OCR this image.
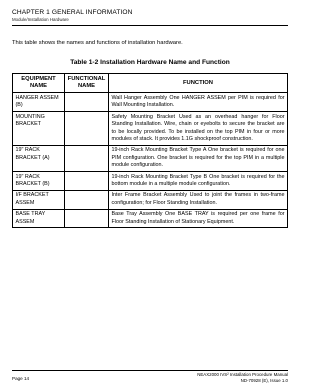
CHAPTER 1 GENERAL INFORMATION
Module/Installation Hardware
This table shows the names and functions of installation hardware.
Table 1-2 Installation Hardware Name and Function
EQUIPMENT NAME	FUNCTIONAL NAME	FUNCTION
HANGER ASSEM (B)		Wall Hanger Assembly One HANGER ASSEM per PIM is required for Wall Mounting Installation.
MOUNTING BRACKET		Safety Mounting Bracket Used as an overhead hanger for Floor Standing Installation. Wire, chain or eyebolts to secure the bracket are to be locally provided. To be installed on the top PIM in four or more modules of stack. It provides 1.1G shockproof construction.
19" RACK BRACKET (A)		19-inch Rack Mounting Bracket Type A One bracket is required for one PIM configuration. One bracket is required for the top PIM in a multiple module configuration.
19" RACK BRACKET (B)		19-inch Rack Mounting Bracket Type B One bracket is required for the bottom module in a multiple module configuration.
I/F BRACKET ASSEM		Inter Frame Bracket Assembly Used to joint the frames in two-frame configuration; for Floor Standing Installation.
BASE TRAY ASSEM		Base Tray Assembly One BASE TRAY is required per one frame for Floor Standing Installation of Stationary Equipment.
Page 14
NEAX2000 IVS² Installation Procedure Manual
ND-70928 (E), Issue 1.0
